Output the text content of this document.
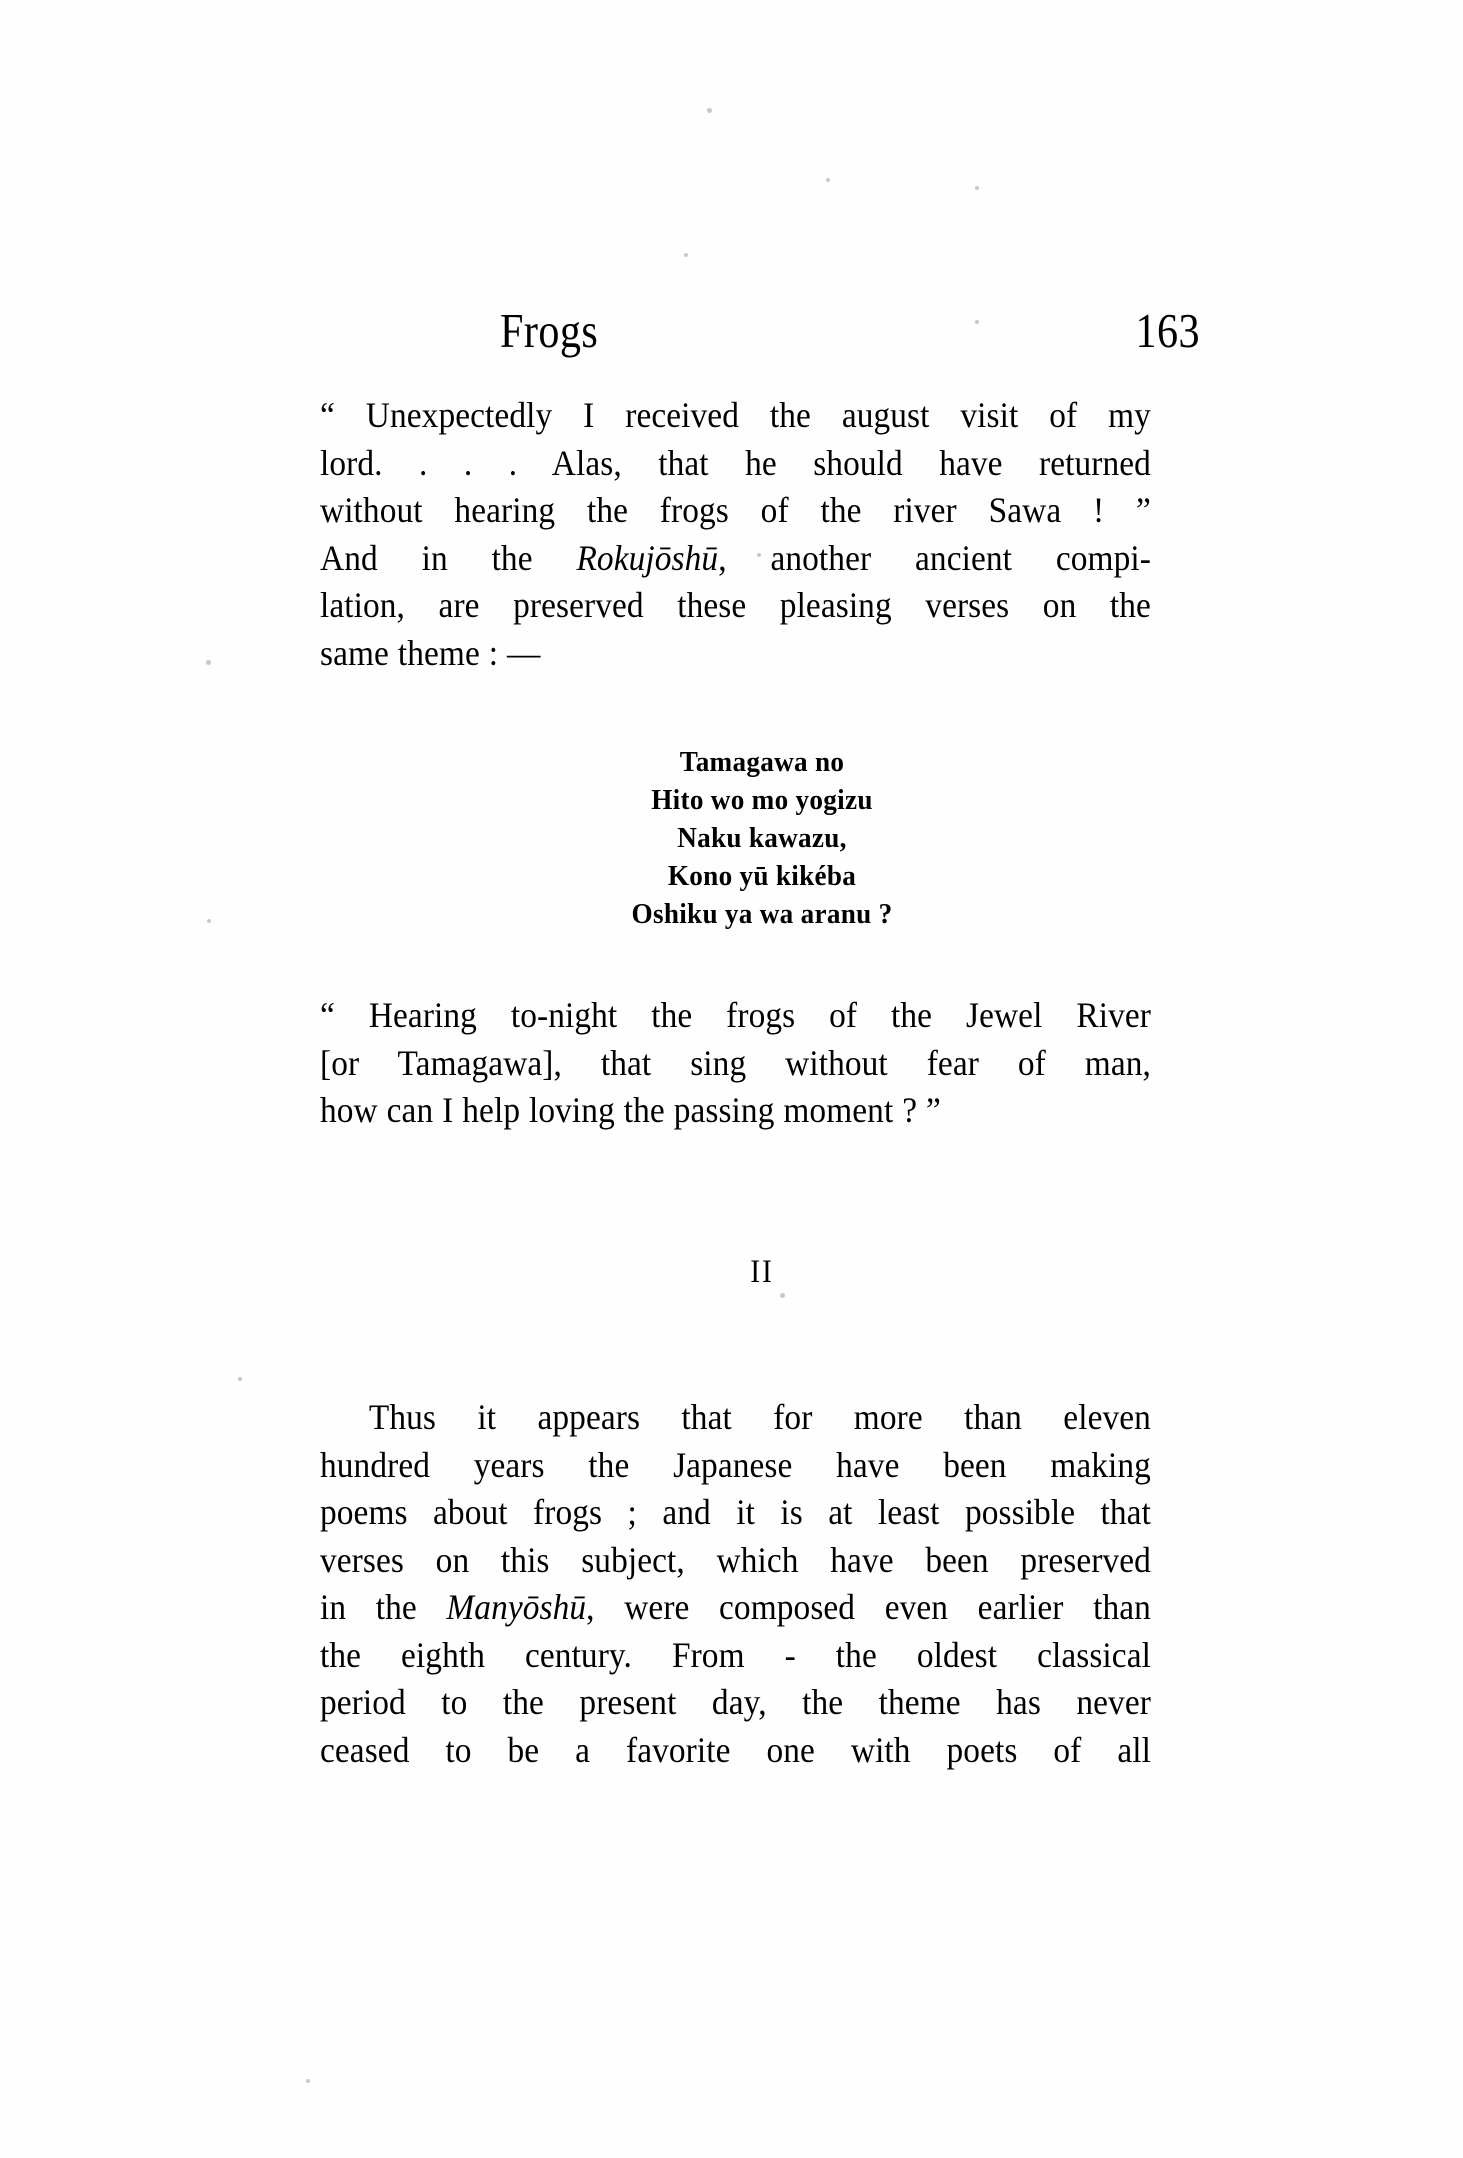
Frogs	163

“ Unexpectedly I received the august visit of my
lord. . . . Alas, that he should have returned
without hearing the frogs of the river Sawa ! ”
And in the Rokujōshū, another ancient compi-
lation, are preserved these pleasing verses on the
same theme : —

Tamagawa no
Hito wo mo yogizu
Naku kawazu,
Kono yū kikéba
Oshiku ya wa aranu ?

“ Hearing to-night the frogs of the Jewel River
[or Tamagawa], that sing without fear of man,
how can I help loving the passing moment ? ”

II

Thus it appears that for more than eleven
hundred years the Japanese have been making
poems about frogs ; and it is at least possible that
verses on this subject, which have been preserved
in the Manyōshū, were composed even earlier than
the eighth century. From - the oldest classical
period to the present day, the theme has never
ceased to be a favorite one with poets of all
